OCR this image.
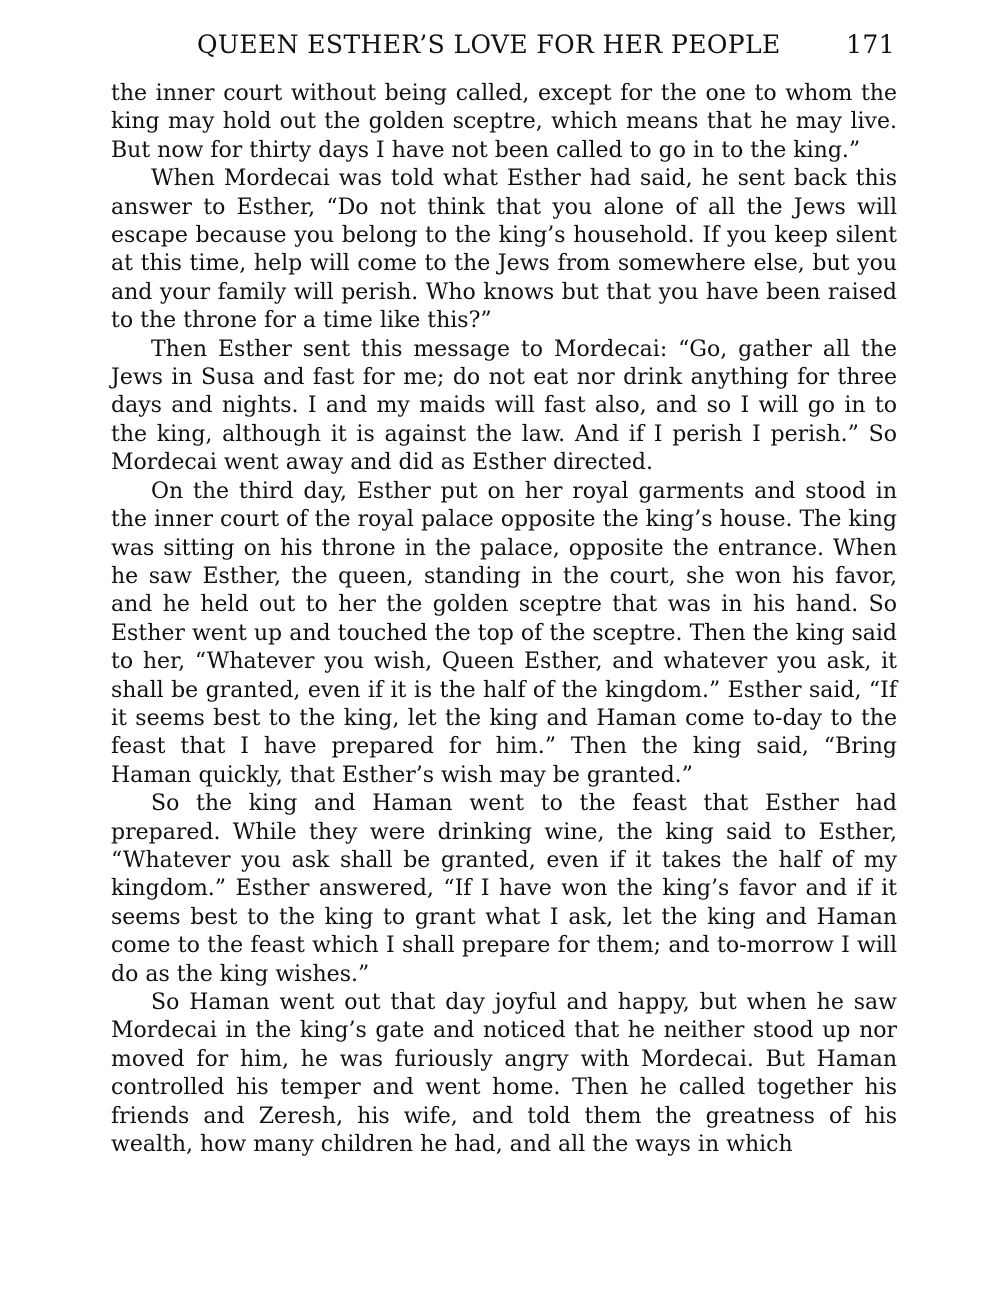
QUEEN ESTHER’S LOVE FOR HER PEOPLE	171

the inner court without being called, except for the one to whom the king may hold out the golden sceptre, which means that he may live. But now for thirty days I have not been called to go in to the king.”

When Mordecai was told what Esther had said, he sent back this answer to Esther, “Do not think that you alone of all the Jews will escape because you belong to the king’s household. If you keep silent at this time, help will come to the Jews from somewhere else, but you and your family will perish. Who knows but that you have been raised to the throne for a time like this?”

Then Esther sent this message to Mordecai: “Go, gather all the Jews in Susa and fast for me; do not eat nor drink anything for three days and nights. I and my maids will fast also, and so I will go in to the king, although it is against the law. And if I perish I perish.” So Mordecai went away and did as Esther directed.

On the third day, Esther put on her royal garments and stood in the inner court of the royal palace opposite the king’s house. The king was sitting on his throne in the palace, opposite the entrance. When he saw Esther, the queen, standing in the court, she won his favor, and he held out to her the golden sceptre that was in his hand. So Esther went up and touched the top of the sceptre. Then the king said to her, “Whatever you wish, Queen Esther, and whatever you ask, it shall be granted, even if it is the half of the kingdom.” Esther said, “If it seems best to the king, let the king and Haman come to-day to the feast that I have prepared for him.” Then the king said, “Bring Haman quickly, that Esther’s wish may be granted.”

So the king and Haman went to the feast that Esther had prepared. While they were drinking wine, the king said to Esther, “Whatever you ask shall be granted, even if it takes the half of my kingdom.” Esther answered, “If I have won the king’s favor and if it seems best to the king to grant what I ask, let the king and Haman come to the feast which I shall prepare for them; and to-morrow I will do as the king wishes.”

So Haman went out that day joyful and happy, but when he saw Mordecai in the king’s gate and noticed that he neither stood up nor moved for him, he was furiously angry with Mordecai. But Haman controlled his temper and went home. Then he called together his friends and Zeresh, his wife, and told them the greatness of his wealth, how many children he had, and all the ways in which
